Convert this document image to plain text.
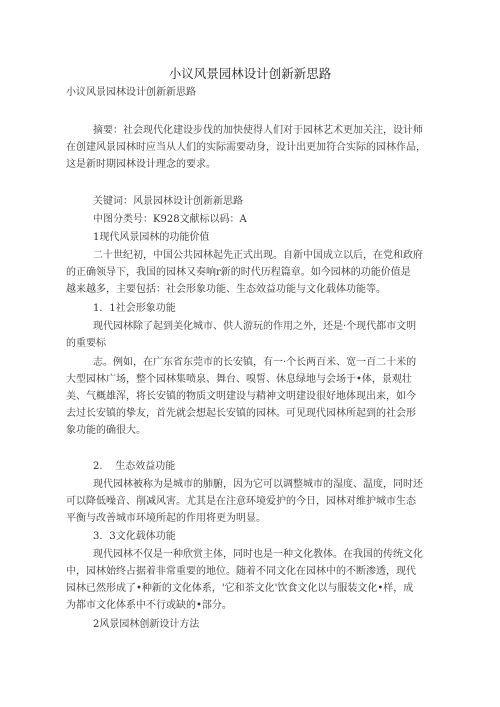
小议风景园林设计创新新思路
小议风景园林设计创新新思路
摘要：社会现代化建设步伐的加快使得人们对于园林艺术更加关注，设计师
在创建风景园林时应当从人们的实际需要动身，设计出更加符合实际的园林作品，
这是新时期园林设计理念的要求。
关键词：风景园林设计创新新思路
中图分类号：K928文献标以码：A
1现代风景园林的功能价值
二十世纪初，中国公共园林起先正式出现。自新中国成立以后，在党和政府
的正确领导下，我国的园林又奏响r新的时代历程篇章。如今园林的功能价值是
越来越多，主要包括：社会形象功能、生态效益功能与文化载体功能等。
1．1社会形象功能
现代园林除了起到美化城市、供人游玩的作用之外，还是·个现代都市文明
的重要标
志。例如，在广东省东莞市的长安镇，有一·个长两百米、宽一百二十米的
大型园林广场，整个园林集喷泉、舞台、嗅誓、休息绿地与会场于•体，景观壮
美、气概雄浑，将长安镇的物质文明建设与精神文明建设很好地体现出来，如今
去过长安镇的挚友，首先就会想起长安镇的园林。可见现代园林所起到的社会形
象功能的确很大。
2.    生态效益功能
现代园林被称为是城市的肺腑，因为它可以调整城市的湿度、温度，同时还
可以降低噪音、削减风害。尤其是在注意环境爱护的今日，园林对维护城市生态
平衡与改善城市环境所起的作用将更为明显。
3．3文化载体功能
现代园林不仅是一种欣赏主体，同时也是一种文化教体。在我国的传统文化
中，园林始终占据着非常重要的地位。随着不同文化在园林中的不断渗透，现代
园林已然形成了•种新的文化体系，'它和茶文化'饮食文化以与服装文化•样，成
为都市文化体系中不行或缺的•部分。
2风景园林创新设计方法
